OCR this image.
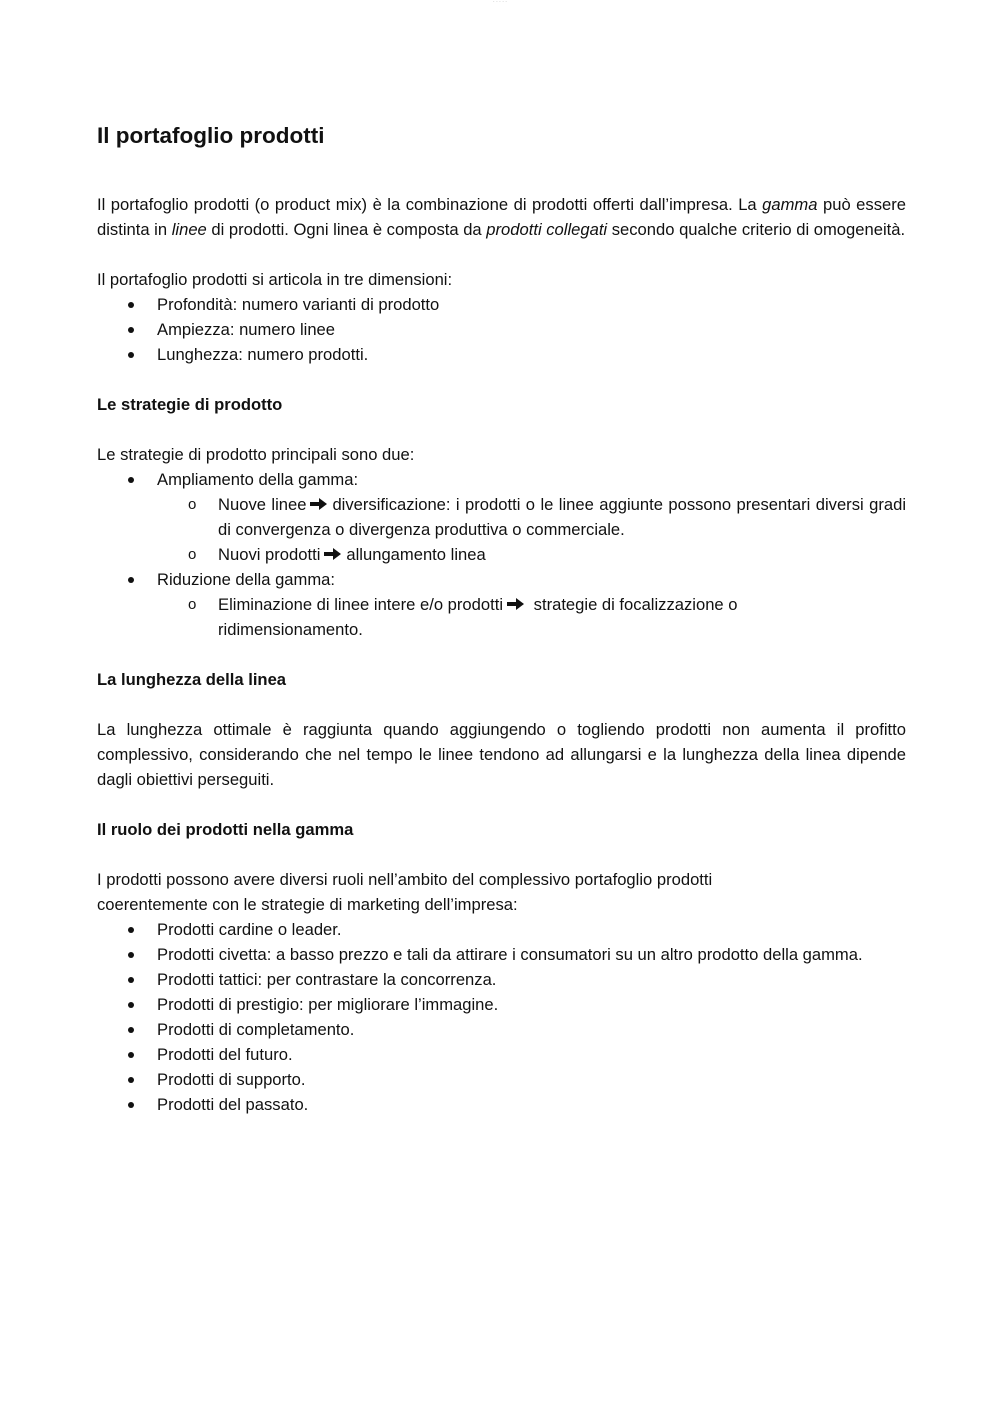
· · · · ·
Il portafoglio prodotti

Il portafoglio prodotti (o product mix) è la combinazione di prodotti offerti dall’impresa. La gamma può essere distinta in linee di prodotti. Ogni linea è composta da prodotti collegati secondo qualche criterio di omogeneità.

Il portafoglio prodotti si articola in tre dimensioni:

Profondità: numero varianti di prodotto
Ampiezza: numero linee
Lunghezza: numero prodotti.

Le strategie di prodotto

Le strategie di prodotto principali sono due:

Ampliamento della gamma:
o Nuove linee diversificazione: i prodotti o le linee aggiunte possono presentari diversi gradi di convergenza o divergenza produttiva o commerciale.
o Nuovi prodotti allungamento linea
Riduzione della gamma:
o Eliminazione di linee intere e/o prodotti strategie di focalizzazione o ridimensionamento.

La lunghezza della linea

La lunghezza ottimale è raggiunta quando aggiungendo o togliendo prodotti non aumenta il profitto complessivo, considerando che nel tempo le linee tendono ad allungarsi e la lunghezza della linea dipende dagli obiettivi perseguiti.

Il ruolo dei prodotti nella gamma

I prodotti possono avere diversi ruoli nell’ambito del complessivo portafoglio prodotti coerentemente con le strategie di marketing dell’impresa:

Prodotti cardine o leader.
Prodotti civetta: a basso prezzo e tali da attirare i consumatori su un altro prodotto della gamma.
Prodotti tattici: per contrastare la concorrenza.
Prodotti di prestigio: per migliorare l’immagine.
Prodotti di completamento.
Prodotti del futuro.
Prodotti di supporto.
Prodotti del passato.
